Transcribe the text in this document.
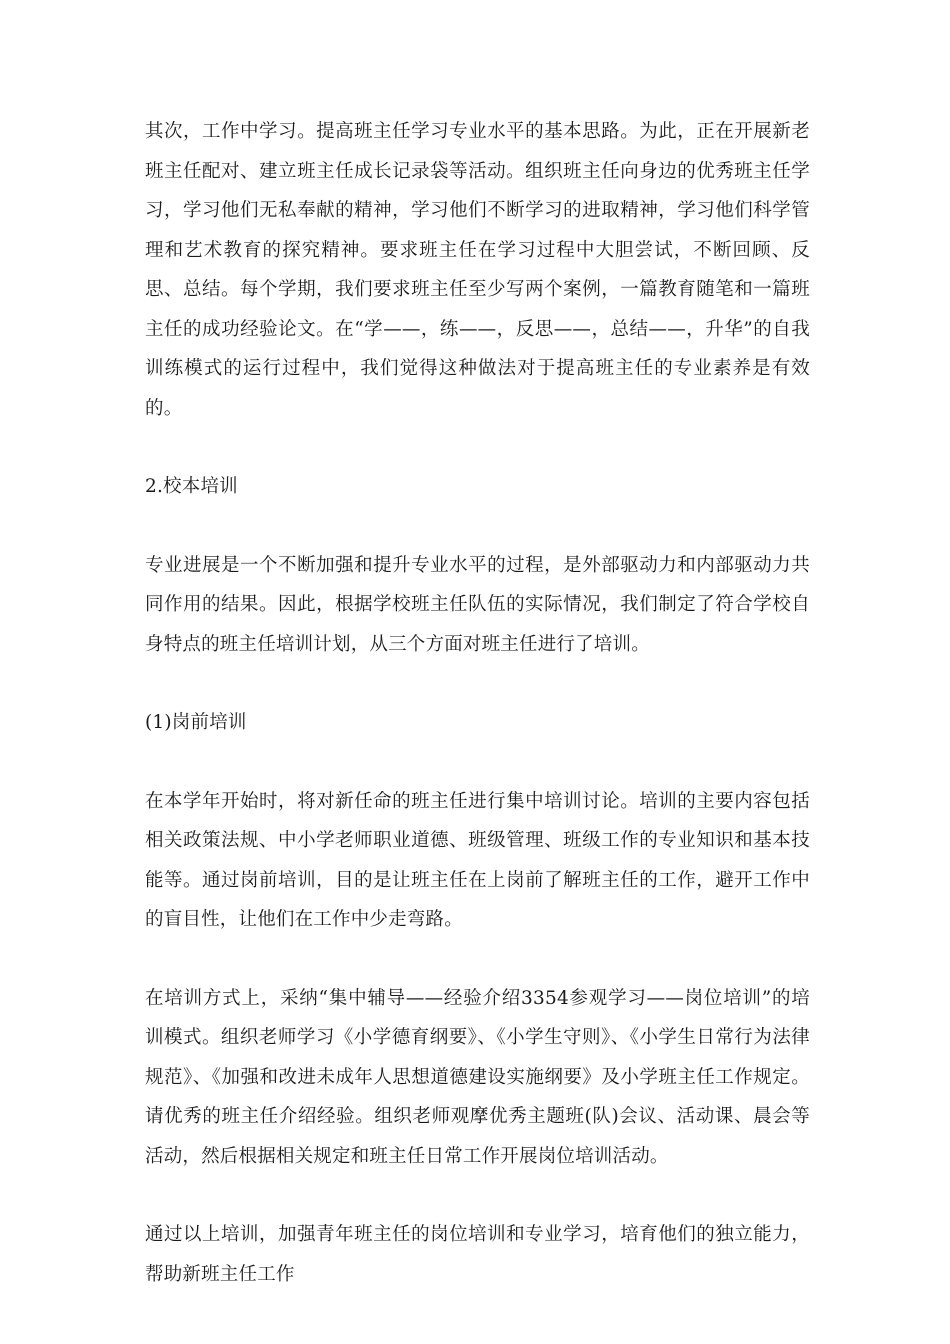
其次，工作中学习。提高班主任学习专业水平的基本思路。为此，正在开展新老班主任配对、建立班主任成长记录袋等活动。组织班主任向身边的优秀班主任学习，学习他们无私奉献的精神，学习他们不断学习的进取精神，学习他们科学管理和艺术教育的探究精神。要求班主任在学习过程中大胆尝试，不断回顾、反思、总结。每个学期，我们要求班主任至少写两个案例，一篇教育随笔和一篇班主任的成功经验论文。在“学——，练——，反思——，总结——，升华”的自我训练模式的运行过程中，我们觉得这种做法对于提高班主任的专业素养是有效的。

2.校本培训

专业进展是一个不断加强和提升专业水平的过程，是外部驱动力和内部驱动力共同作用的结果。因此，根据学校班主任队伍的实际情况，我们制定了符合学校自身特点的班主任培训计划，从三个方面对班主任进行了培训。

(1)岗前培训

在本学年开始时，将对新任命的班主任进行集中培训讨论。培训的主要内容包括相关政策法规、中小学老师职业道德、班级管理、班级工作的专业知识和基本技能等。通过岗前培训，目的是让班主任在上岗前了解班主任的工作，避开工作中的盲目性，让他们在工作中少走弯路。

在培训方式上，采纳“集中辅导——经验介绍3354参观学习——岗位培训”的培训模式。组织老师学习《小学德育纲要》、《小学生守则》、《小学生日常行为法律规范》、《加强和改进未成年人思想道德建设实施纲要》及小学班主任工作规定。请优秀的班主任介绍经验。组织老师观摩优秀主题班(队)会议、活动课、晨会等活动，然后根据相关规定和班主任日常工作开展岗位培训活动。

通过以上培训，加强青年班主任的岗位培训和专业学习，培育他们的独立能力，帮助新班主任工作
